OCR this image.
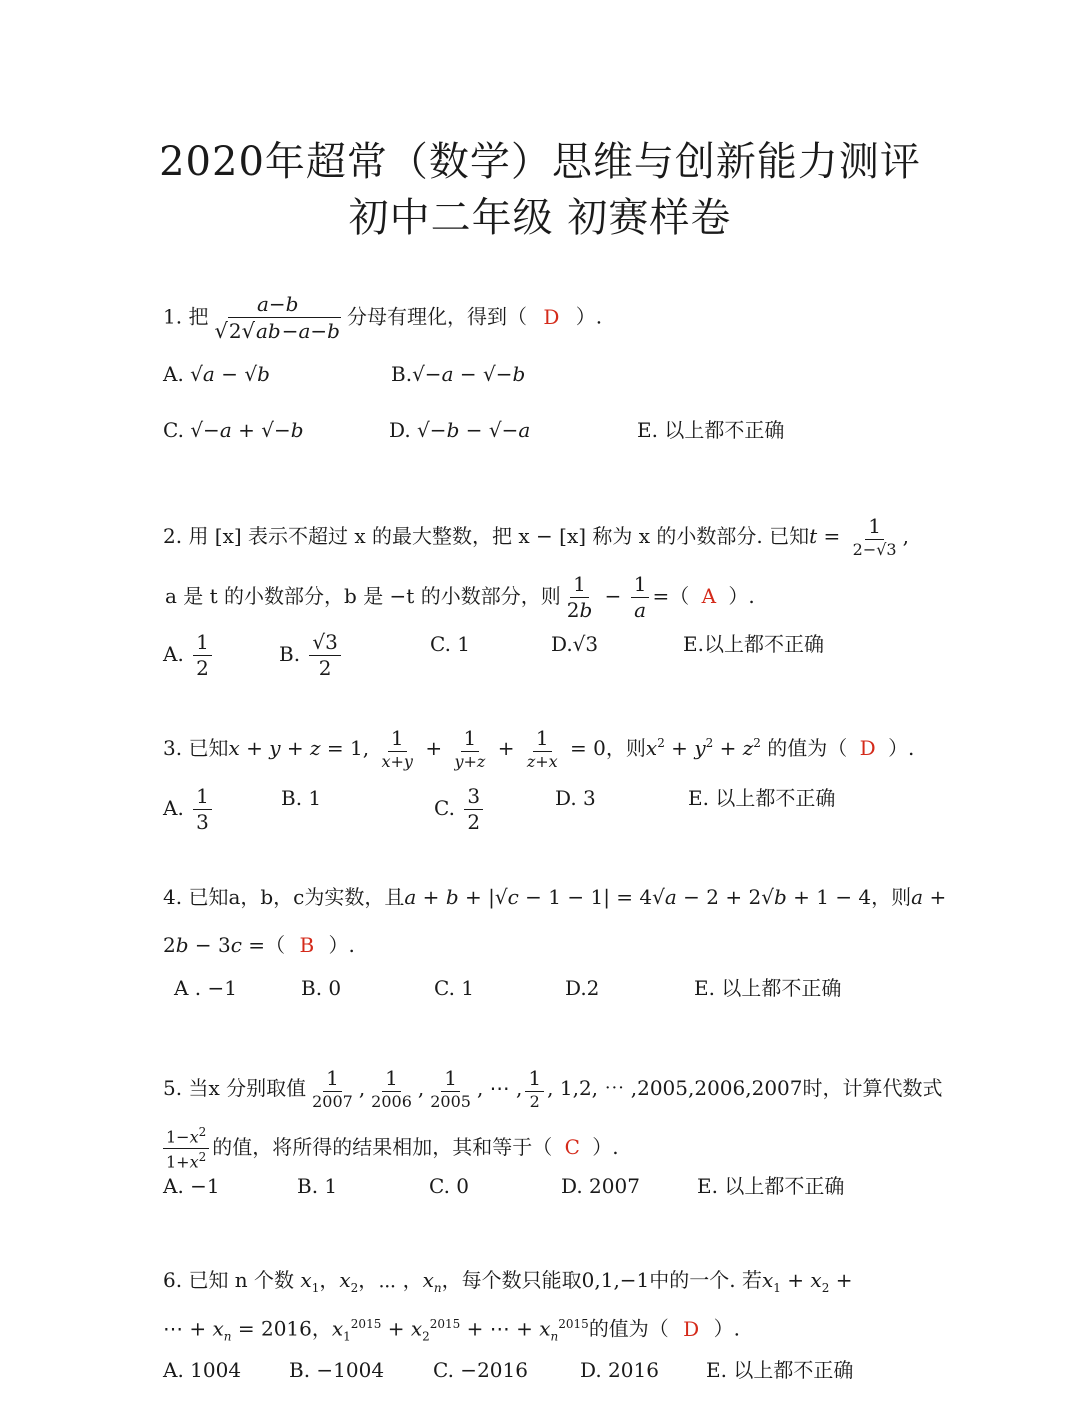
2020年超常（数学）思维与创新能力测评
初中二年级 初赛样卷
1. 把 $\frac{a-b}{√2√ab-a-b}$ 分母有理化，得到（ D ）.
A. √a − √b	B.√−a − √−b
C. √−a + √−b	D. √−b − √−a	E. 以上都不正确
2. 用 [x] 表示不超过 x 的最大整数，把 x − [x] 称为 x 的小数部分. 已知$t = \frac{1}{2-√3}$ ,
a 是 t 的小数部分，b 是 −t 的小数部分，则 $\frac{1}{2b} - \frac{1}{a}$ =（ A ）.
A. $\frac{1}{2}$	B. $\frac{√3}{2}$	C. 1	D.√3	E.以上都不正确
3. 已知x + y + z = 1, $\frac{1}{x+y} + \frac{1}{y+z} + \frac{1}{z+x} = 0$，则$x^2 + y^2 + z^2$ 的值为（ D ）.
A. $\frac{1}{3}$	B. 1	C. $\frac{3}{2}$	D. 3	E. 以上都不正确
4. 已知a，b，c为实数，且a + b + |√c − 1 − 1| = 4√a − 2 + 2√b + 1 − 4，则a +
2b − 3c =（ B ）.
A . −1	B. 0	C. 1	D.2	E. 以上都不正确
5. 当x 分别取值 $\frac{1}{2007}$ , $\frac{1}{2006}$ , $\frac{1}{2005}$ , ⋯ , $\frac{1}{2}$ , 1,2, ⋯ ,2005,2006,2007时，计算代数式
$\frac{1-x^2}{1+x^2}$ 的值，将所得的结果相加，其和等于（ C ）.
A. −1	B. 1	C. 0	D. 2007	E. 以上都不正确
6. 已知 n 个数 $x_1$，$x_2$，⋯ ，$x_n$，每个数只能取0,1,−1中的一个. 若$x_1 + x_2$ +
⋯ + $x_n = 2016$，$x_1^{2015} + x_2^{2015}$ + ⋯ + $x_n^{2015}$的值为（ D ）.
A. 1004 B. −1004 C. −2016	D. 2016 E. 以上都不正确
